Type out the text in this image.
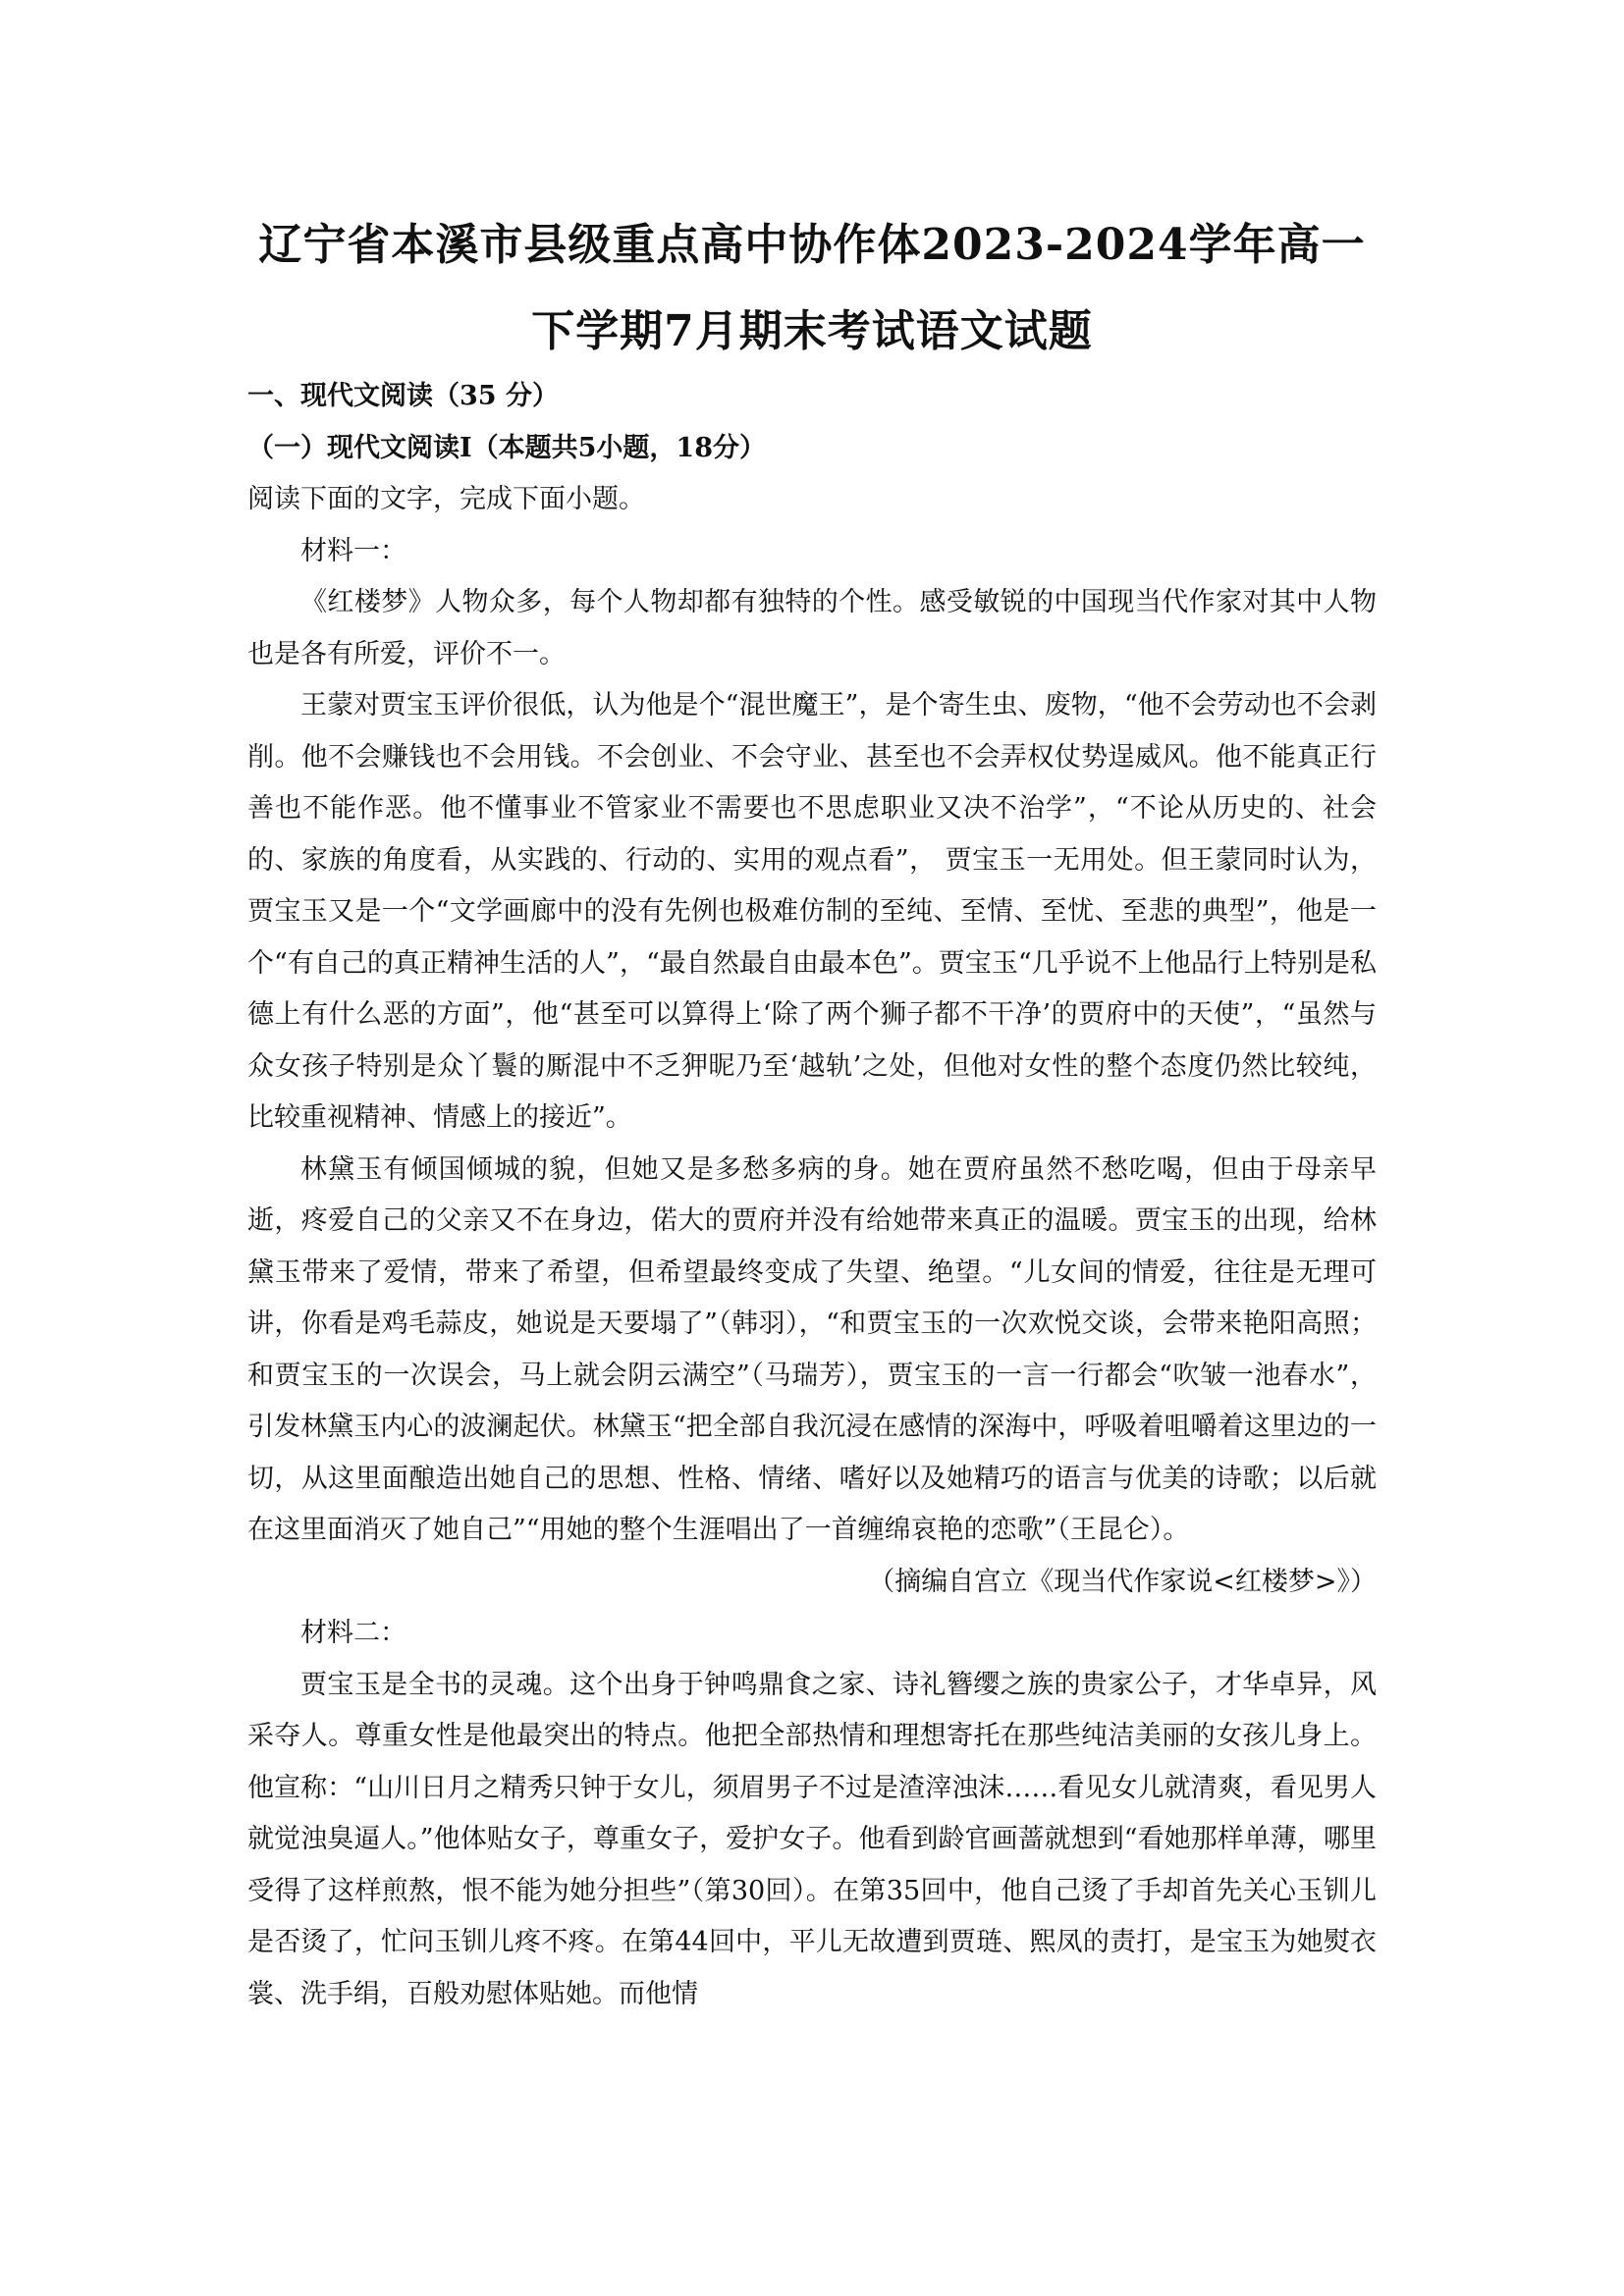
辽宁省本溪市县级重点高中协作体2023-2024学年高一
下学期7月期末考试语文试题

一、现代文阅读（35 分）

（一）现代文阅读Ⅰ（本题共5小题，18分）

阅读下面的文字，完成下面小题。

材料一：

《红楼梦》人物众多，每个人物却都有独特的个性。感受敏锐的中国现当代作家对其中人物也是各有所爱，评价不一。

王蒙对贾宝玉评价很低，认为他是个“混世魔王”，是个寄生虫、废物，“他不会劳动也不会剥削。他不会赚钱也不会用钱。不会创业、不会守业、甚至也不会弄权仗势逞威风。他不能真正行善也不能作恶。他不懂事业不管家业不需要也不思虑职业又决不治学”，“不论从历史的、社会的、家族的角度看，从实践的、行动的、实用的观点看”， 贾宝玉一无用处。但王蒙同时认为，贾宝玉又是一个“文学画廊中的没有先例也极难仿制的至纯、至情、至忧、至悲的典型”，他是一个“有自己的真正精神生活的人”，“最自然最自由最本色”。贾宝玉“几乎说不上他品行上特别是私德上有什么恶的方面”，他“甚至可以算得上‘除了两个狮子都不干净’的贾府中的天使”，“虽然与众女孩子特别是众丫鬟的厮混中不乏狎昵乃至‘越轨’之处，但他对女性的整个态度仍然比较纯，比较重视精神、情感上的接近”。

林黛玉有倾国倾城的貌，但她又是多愁多病的身。她在贾府虽然不愁吃喝，但由于母亲早逝，疼爱自己的父亲又不在身边，偌大的贾府并没有给她带来真正的温暖。贾宝玉的出现，给林黛玉带来了爱情，带来了希望，但希望最终变成了失望、绝望。“儿女间的情爱，往往是无理可讲，你看是鸡毛蒜皮，她说是天要塌了”（韩羽），“和贾宝玉的一次欢悦交谈，会带来艳阳高照；和贾宝玉的一次误会，马上就会阴云满空”（马瑞芳），贾宝玉的一言一行都会“吹皱一池春水”， 引发林黛玉内心的波澜起伏。林黛玉“把全部自我沉浸在感情的深海中，呼吸着咀嚼着这里边的一切，从这里面酿造出她自己的思想、性格、情绪、嗜好以及她精巧的语言与优美的诗歌；以后就在这里面消灭了她自己”“用她的整个生涯唱出了一首缠绵哀艳的恋歌”（王昆仑）。

（摘编自宫立《现当代作家说<红楼梦>》）

材料二：

贾宝玉是全书的灵魂。这个出身于钟鸣鼎食之家、诗礼簪缨之族的贵家公子，才华卓异，风采夺人。尊重女性是他最突出的特点。他把全部热情和理想寄托在那些纯洁美丽的女孩儿身上。他宣称：“山川日月之精秀只钟于女儿，须眉男子不过是渣滓浊沫……看见女儿就清爽，看见男人就觉浊臭逼人。”他体贴女子，尊重女子，爱护女子。他看到龄官画蔷就想到“看她那样单薄，哪里受得了这样煎熬，恨不能为她分担些”（第30回）。在第35回中，他自己烫了手却首先关心玉钏儿是否烫了，忙问玉钏儿疼不疼。在第44回中，平儿无故遭到贾琏、熙凤的责打，是宝玉为她熨衣裳、洗手绢，百般劝慰体贴她。而他情
